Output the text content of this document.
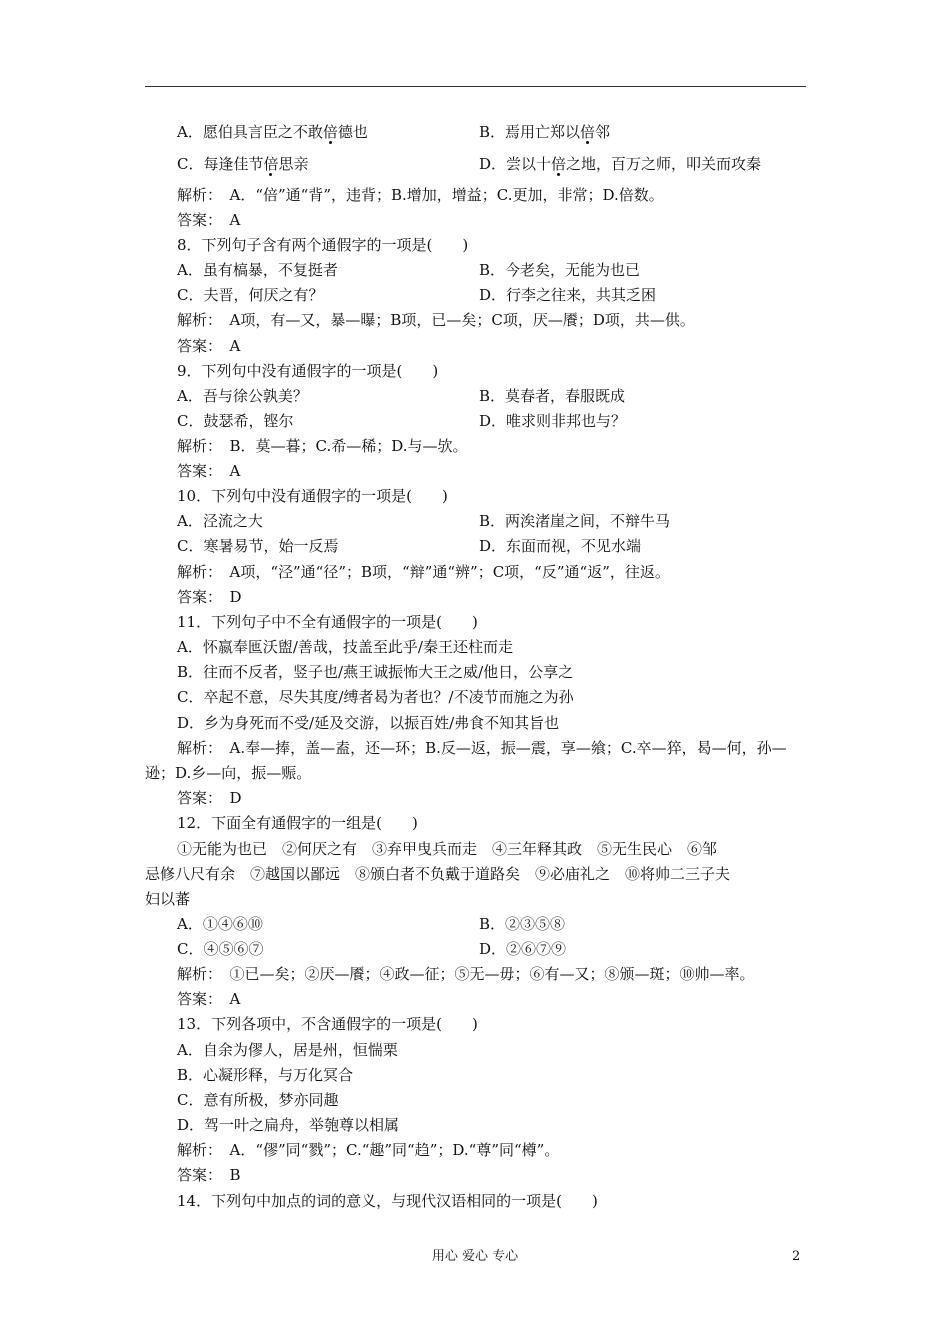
A．愿伯具言臣之不敢倍德也	B．焉用亡郑以倍邻
C．每逢佳节倍思亲	D．尝以十倍之地，百万之师，叩关而攻秦
解析：　A．“倍”通“背”，违背；B.增加，增益；C.更加，非常；D.倍数。
答案：　A
8．下列句子含有两个通假字的一项是(　　)
A．虽有槁暴，不复挺者	B．今老矣，无能为也已
C．夫晋，何厌之有？	D．行李之往来，共其乏困
解析：　A项，有—又，暴—曝；B项，已—矣；C项，厌—餍；D项，共—供。
答案：　A
9．下列句中没有通假字的一项是(　　)
A．吾与徐公孰美？	B．莫春者，春服既成
C．鼓瑟希，铿尔	D．唯求则非邦也与？
解析：　B．莫—暮；C.希—稀；D.与—欤。
答案：　A
10．下列句中没有通假字的一项是(　　)
A．泾流之大	B．两涘渚崖之间，不辩牛马
C．寒暑易节，始一反焉	D．东面而视，不见水端
解析：　A项，“泾”通“径”；B项，“辩”通“辨”；C项，“反”通“返”，往返。
答案：　D
11．下列句子中不全有通假字的一项是(　　)
A．怀嬴奉匜沃盥/善哉，技盖至此乎/秦王还柱而走
B．往而不反者，竖子也/燕王诚振怖大王之威/他日，公享之
C．卒起不意，尽失其度/缚者曷为者也？/不凌节而施之为孙
D．乡为身死而不受/延及交游，以振百姓/弗食不知其旨也
解析：　A.奉—捧，盖—盍，还—环；B.反—返，振—震，享—飨；C.卒—猝，曷—何，孙—
逊；D.乡—向，振—赈。
答案：　D
12．下面全有通假字的一组是(　　)
①无能为也已　②何厌之有　③弃甲曳兵而走　④三年释其政　⑤无生民心　⑥邹
忌修八尺有余　⑦越国以鄙远　⑧颁白者不负戴于道路矣　⑨必庙礼之　⑩将帅二三子夫
妇以蕃
A．①④⑥⑩	B．②③⑤⑧
C．④⑤⑥⑦	D．②⑥⑦⑨
解析：　①已—矣；②厌—餍；④政—征；⑤无—毋；⑥有—又；⑧颁—斑；⑩帅—率。
答案：　A
13．下列各项中，不含通假字的一项是(　　)
A．自余为僇人，居是州，恒惴栗
B．心凝形释，与万化冥合
C．意有所极，梦亦同趣
D．驾一叶之扁舟，举匏尊以相属
解析：　A．“僇”同“戮”；C.“趣”同“趋”；D.“尊”同“樽”。
答案：　B
14．下列句中加点的词的意义，与现代汉语相同的一项是(　　)
用心 爱心 专心	2
